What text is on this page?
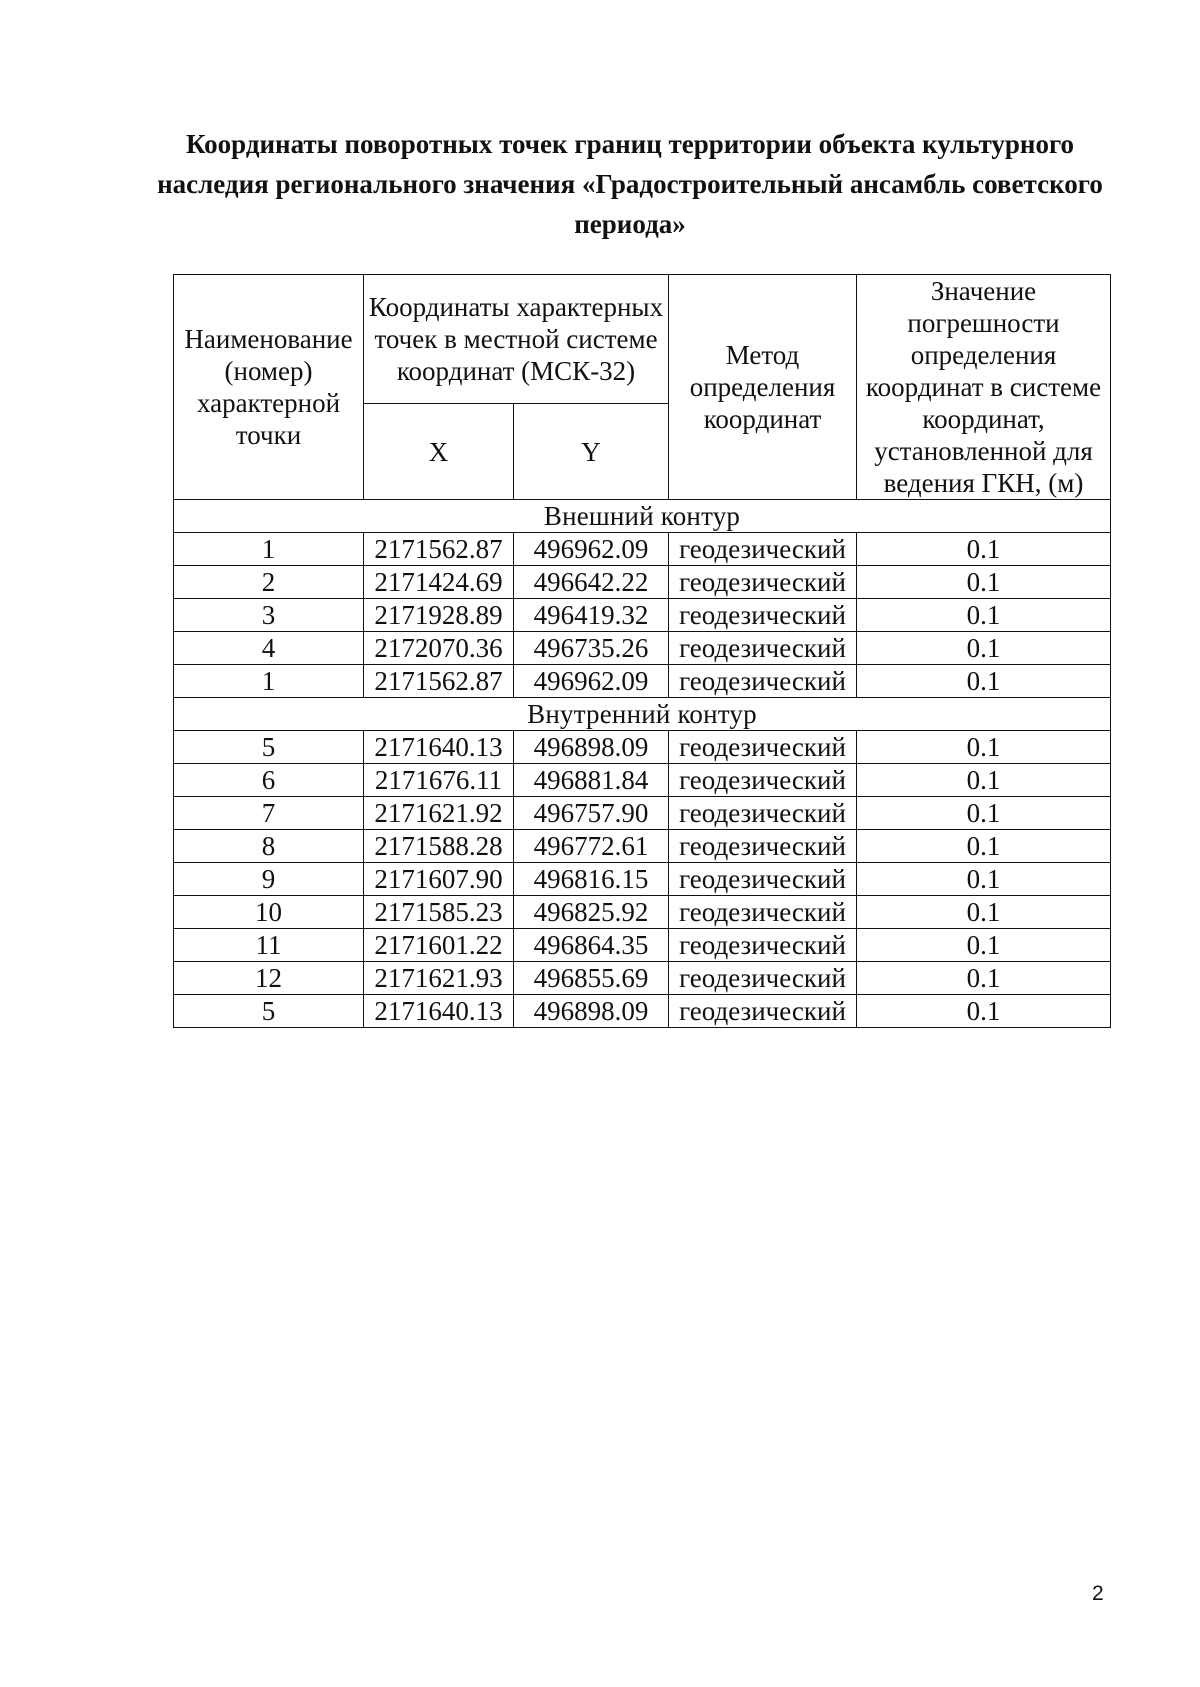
Координаты поворотных точек границ территории объекта культурного
наследия регионального значения «Градостроительный ансамбль советского
периода»
Наименование (номер) характерной точки	Координаты характерных точек в местной системе координат (МСК-32)		Метод определения координат	Значение погрешности определения координат в системе координат, установленной для ведения ГКН, (м)
	X	Y		
Внешний контур				
1	2171562.87	496962.09	геодезический	0.1
2	2171424.69	496642.22	геодезический	0.1
3	2171928.89	496419.32	геодезический	0.1
4	2172070.36	496735.26	геодезический	0.1
1	2171562.87	496962.09	геодезический	0.1
Внутренний контур				
5	2171640.13	496898.09	геодезический	0.1
6	2171676.11	496881.84	геодезический	0.1
7	2171621.92	496757.90	геодезический	0.1
8	2171588.28	496772.61	геодезический	0.1
9	2171607.90	496816.15	геодезический	0.1
10	2171585.23	496825.92	геодезический	0.1
11	2171601.22	496864.35	геодезический	0.1
12	2171621.93	496855.69	геодезический	0.1
5	2171640.13	496898.09	геодезический	0.1
2
